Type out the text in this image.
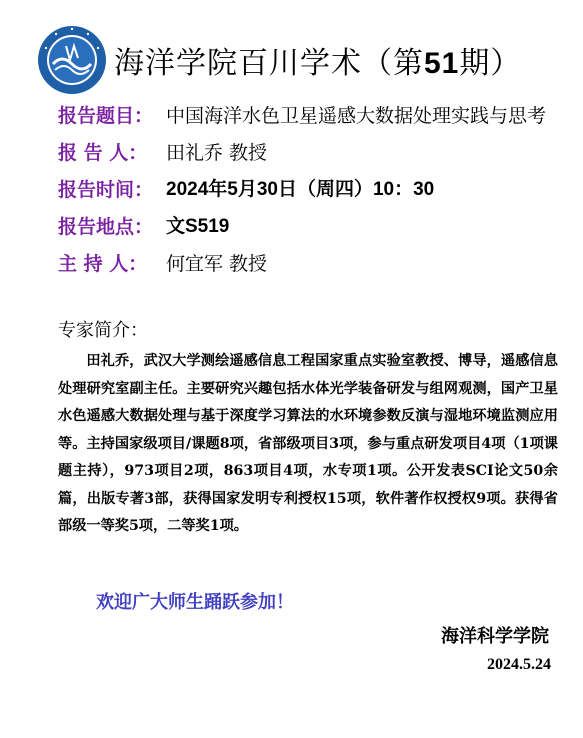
海洋学院百川学术（第51期）
报告题目： 中国海洋水色卫星遥感大数据处理实践与思考
报 告 人： 田礼乔 教授
报告时间： 2024年5月30日（周四）10：30
报告地点： 文S519
主 持 人： 何宜军 教授
专家简介：
田礼乔，武汉大学测绘遥感信息工程国家重点实验室教授、博导，遥感信息处理研究室副主任。主要研究兴趣包括水体光学装备研发与组网观测，国产卫星水色遥感大数据处理与基于深度学习算法的水环境参数反演与湿地环境监测应用等。主持国家级项目/课题8项，省部级项目3项，参与重点研发项目4项（1项课题主持），973项目2项，863项目4项，水专项1项。公开发表SCI论文50余篇，出版专著3部，获得国家发明专利授权15项，软件著作权授权9项。获得省部级一等奖5项，二等奖1项。
欢迎广大师生踊跃参加！
海洋科学学院
2024.5.24
